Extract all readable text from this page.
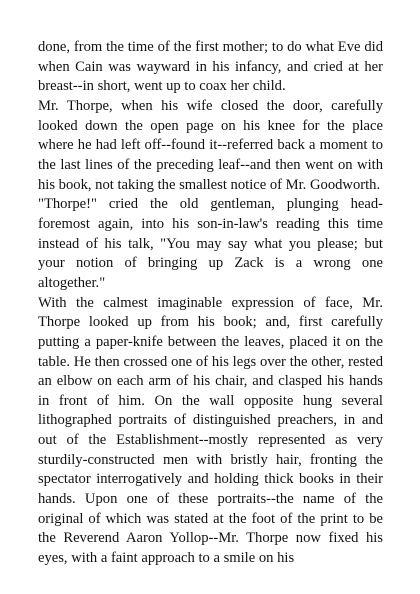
done, from the time of the first mother; to do what Eve did when Cain was wayward in his infancy, and cried at her breast--in short, went up to coax her child.

Mr. Thorpe, when his wife closed the door, carefully looked down the open page on his knee for the place where he had left off--found it--referred back a moment to the last lines of the preceding leaf--and then went on with his book, not taking the smallest notice of Mr. Goodworth.

"Thorpe!" cried the old gentleman, plunging head-foremost again, into his son-in-law's reading this time instead of his talk, "You may say what you please; but your notion of bringing up Zack is a wrong one altogether."

With the calmest imaginable expression of face, Mr. Thorpe looked up from his book; and, first carefully putting a paper-knife between the leaves, placed it on the table. He then crossed one of his legs over the other, rested an elbow on each arm of his chair, and clasped his hands in front of him. On the wall opposite hung several lithographed portraits of distinguished preachers, in and out of the Establishment--mostly represented as very sturdily-constructed men with bristly hair, fronting the spectator interrogatively and holding thick books in their hands. Upon one of these portraits--the name of the original of which was stated at the foot of the print to be the Reverend Aaron Yollop--Mr. Thorpe now fixed his eyes, with a faint approach to a smile on his
